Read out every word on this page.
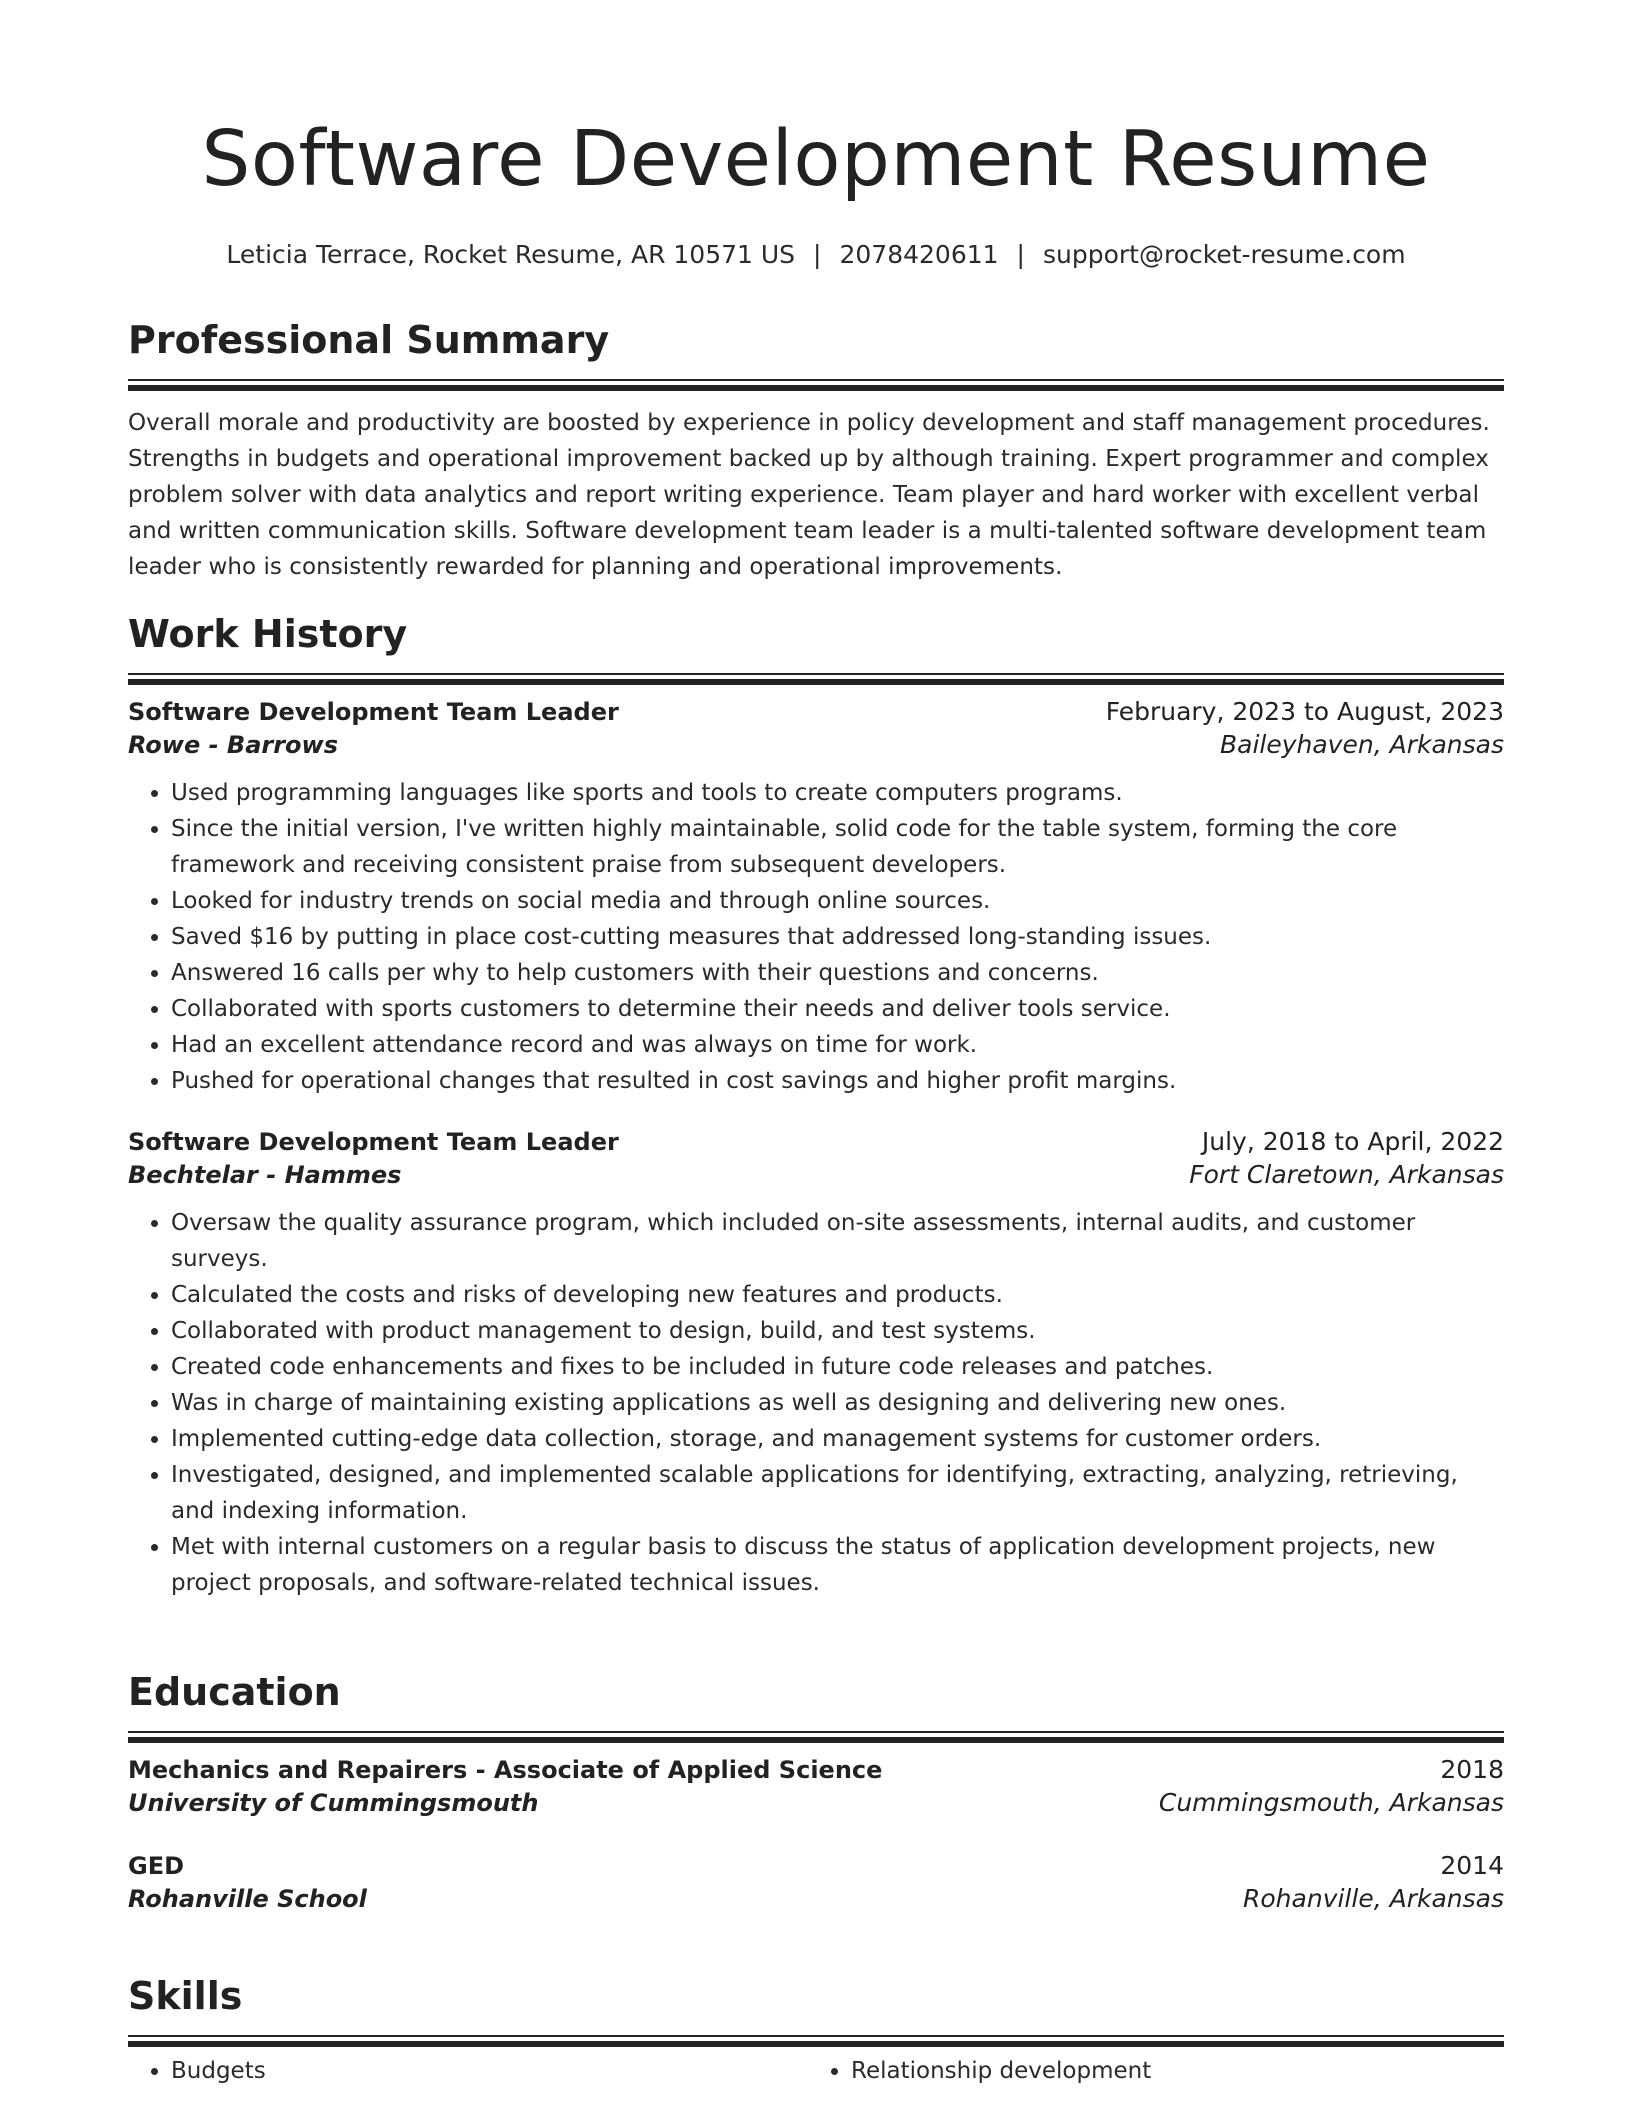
Software Development Resume
Leticia Terrace, Rocket Resume, AR 10571 US | 2078420611 | support@rocket-resume.com
Professional Summary
Overall morale and productivity are boosted by experience in policy development and staff management procedures. Strengths in budgets and operational improvement backed up by although training. Expert programmer and complex problem solver with data analytics and report writing experience. Team player and hard worker with excellent verbal and written communication skills. Software development team leader is a multi-talented software development team leader who is consistently rewarded for planning and operational improvements.
Work History
Software Development Team Leader	February, 2023 to August, 2023
Rowe - Barrows	Baileyhaven, Arkansas
• Used programming languages like sports and tools to create computers programs.
• Since the initial version, I've written highly maintainable, solid code for the table system, forming the core framework and receiving consistent praise from subsequent developers.
• Looked for industry trends on social media and through online sources.
• Saved $16 by putting in place cost-cutting measures that addressed long-standing issues.
• Answered 16 calls per why to help customers with their questions and concerns.
• Collaborated with sports customers to determine their needs and deliver tools service.
• Had an excellent attendance record and was always on time for work.
• Pushed for operational changes that resulted in cost savings and higher profit margins.
Software Development Team Leader	July, 2018 to April, 2022
Bechtelar - Hammes	Fort Claretown, Arkansas
• Oversaw the quality assurance program, which included on-site assessments, internal audits, and customer surveys.
• Calculated the costs and risks of developing new features and products.
• Collaborated with product management to design, build, and test systems.
• Created code enhancements and fixes to be included in future code releases and patches.
• Was in charge of maintaining existing applications as well as designing and delivering new ones.
• Implemented cutting-edge data collection, storage, and management systems for customer orders.
• Investigated, designed, and implemented scalable applications for identifying, extracting, analyzing, retrieving, and indexing information.
• Met with internal customers on a regular basis to discuss the status of application development projects, new project proposals, and software-related technical issues.
Education
Mechanics and Repairers - Associate of Applied Science	2018
University of Cummingsmouth	Cummingsmouth, Arkansas
GED	2014
Rohanville School	Rohanville, Arkansas
Skills
• Budgets
•	Relationship development
